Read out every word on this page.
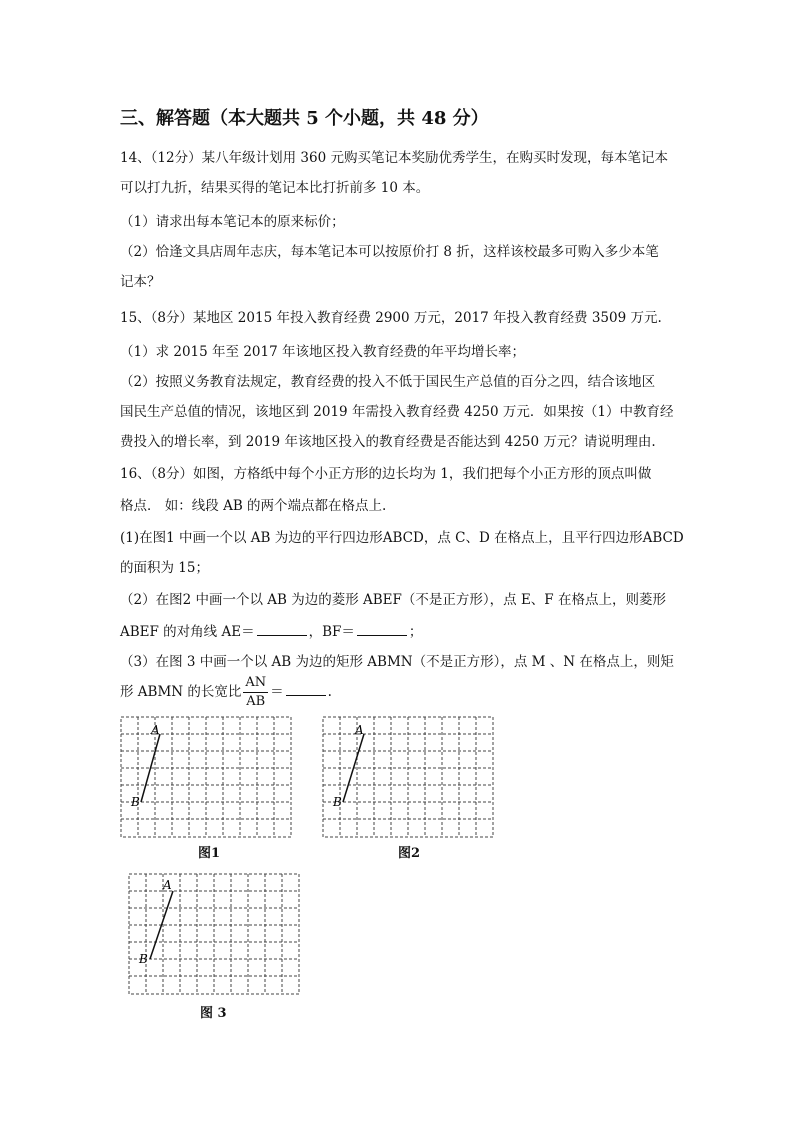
三、解答题（本大题共 5 个小题，共 48 分）
14、（12分）某八年级计划用 360 元购买笔记本奖励优秀学生，在购买时发现，每本笔记本
可以打九折，结果买得的笔记本比打折前多 10 本。
（1）请求出每本笔记本的原来标价；
（2）恰逢文具店周年志庆，每本笔记本可以按原价打 8 折，这样该校最多可购入多少本笔
记本？
15、（8分）某地区 2015 年投入教育经费 2900 万元，2017 年投入教育经费 3509 万元.
（1）求 2015 年至 2017 年该地区投入教育经费的年平均增长率；
（2）按照义务教育法规定，教育经费的投入不低于国民生产总值的百分之四，结合该地区
国民生产总值的情况，该地区到 2019 年需投入教育经费 4250 万元．如果按（1）中教育经
费投入的增长率，到 2019 年该地区投入的教育经费是否能达到 4250 万元？请说明理由.
16、（8分）如图，方格纸中每个小正方形的边长均为 1，我们把每个小正方形的顶点叫做
格点． 如：线段 AB 的两个端点都在格点上.
(1)在图1 中画一个以 AB 为边的平行四边形ABCD，点 C、D 在格点上，且平行四边形ABCD
的面积为 15；
（2）在图2 中画一个以 AB 为边的菱形 ABEF（不是正方形），点 E、F 在格点上，则菱形
ABEF 的对角线 AE＝	，BF＝	；
（3）在图 3 中画一个以 AB 为边的矩形 ABMN（不是正方形），点 M 、N 在格点上，则矩
形 ABMN 的长宽比 $\frac{AN}{AB}$ ＝	.
A
B
图1
A
B
图2
A
B
图 3
